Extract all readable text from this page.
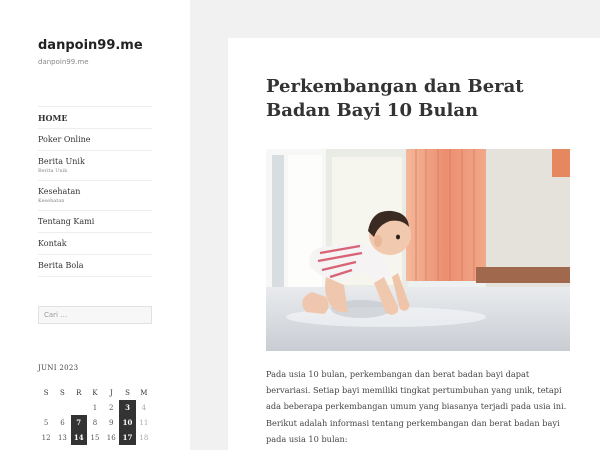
danpoin99.me
danpoin99.me
HOME
Poker Online
Berita Unik
Berita Unik
Kesehatan
Kesehatan
Tentang Kami
Kontak
Berita Bola
Cari …
JUNI 2023
S	S	R	K	J	S	M
			1	2	3	4
5	6	7	8	9	10	11
12	13	14	15	16	17	18
Perkembangan dan Berat Badan Bayi 10 Bulan

Pada usia 10 bulan, perkembangan dan berat badan bayi dapat bervariasi. Setiap bayi memiliki tingkat pertumbuhan yang unik, tetapi ada beberapa perkembangan umum yang biasanya terjadi pada usia ini. Berikut adalah informasi tentang perkembangan dan berat badan bayi pada usia 10 bulan:
